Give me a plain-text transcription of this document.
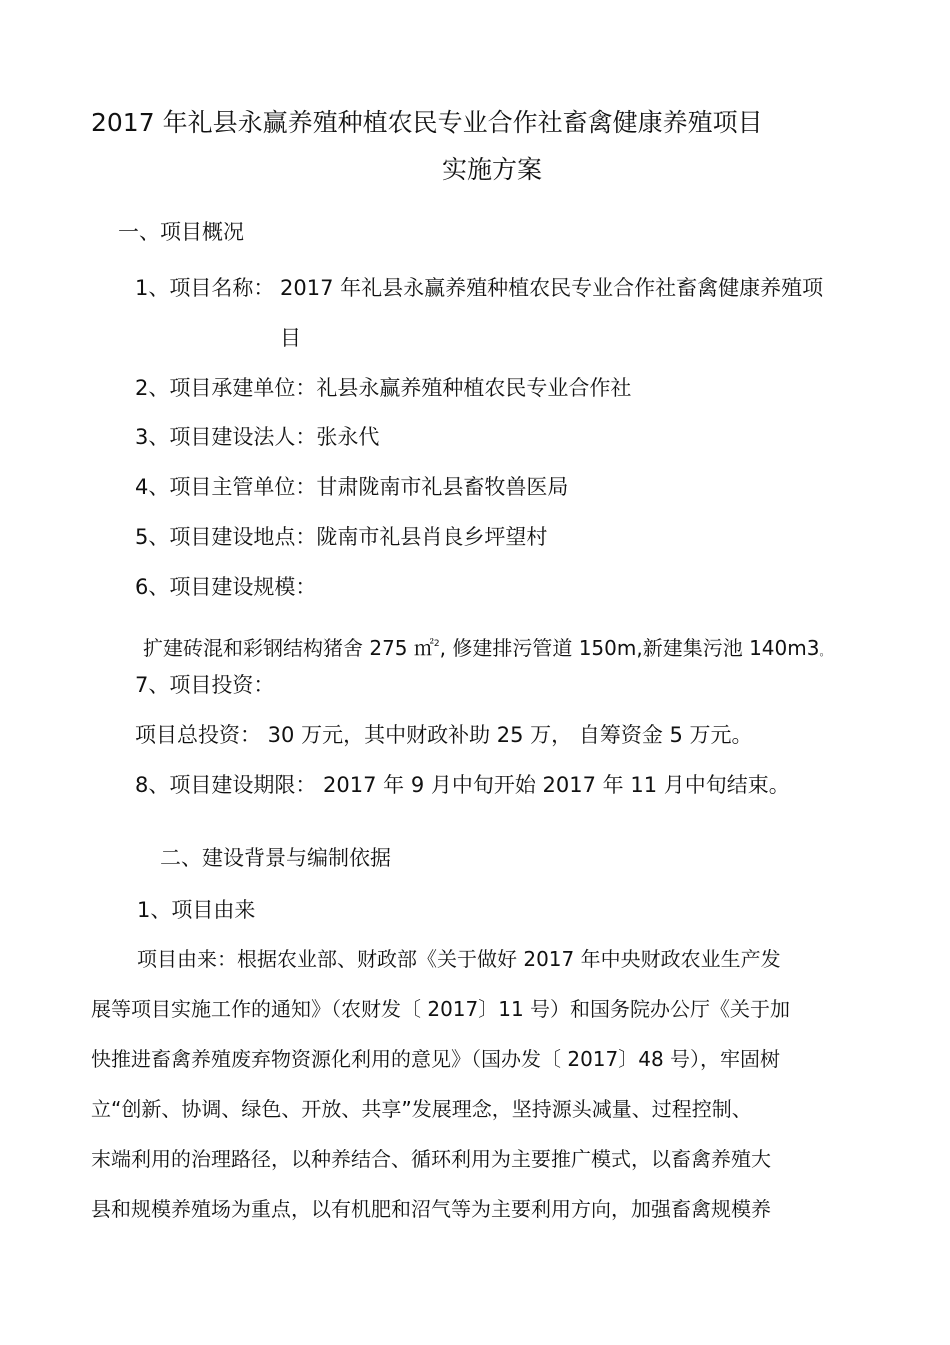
2017 年礼县永赢养殖种植农民专业合作社畜禽健康养殖项目
实施方案
一、项目概况
1、项目名称： 2017 年礼县永赢养殖种植农民专业合作社畜禽健康养殖项
目
2、项目承建单位：礼县永赢养殖种植农民专业合作社
3、项目建设法人：张永代
4、项目主管单位：甘肃陇南市礼县畜牧兽医局
5、项目建设地点：陇南市礼县肖良乡坪望村
6、项目建设规模：
扩建砖混和彩钢结构猪舍 275 ㎡$^2$, 修建排污管道 150m,新建集污池 140m3。
7、项目投资：
项目总投资： 30 万元，其中财政补助 25 万， 自筹资金 5 万元。
8、项目建设期限： 2017 年 9 月中旬开始 2017 年 11 月中旬结束。
二、建设背景与编制依据
1、项目由来
项目由来：根据农业部、财政部《关于做好 2017 年中央财政农业生产发
展等项目实施工作的通知》（农财发〔 2017〕11 号）和国务院办公厅《关于加
快推进畜禽养殖废弃物资源化利用的意见》（国办发〔 2017〕48 号），牢固树
立“创新、协调、绿色、开放、共享”发展理念，坚持源头减量、过程控制、
末端利用的治理路径，以种养结合、循环利用为主要推广模式，以畜禽养殖大
县和规模养殖场为重点，以有机肥和沼气等为主要利用方向，加强畜禽规模养
